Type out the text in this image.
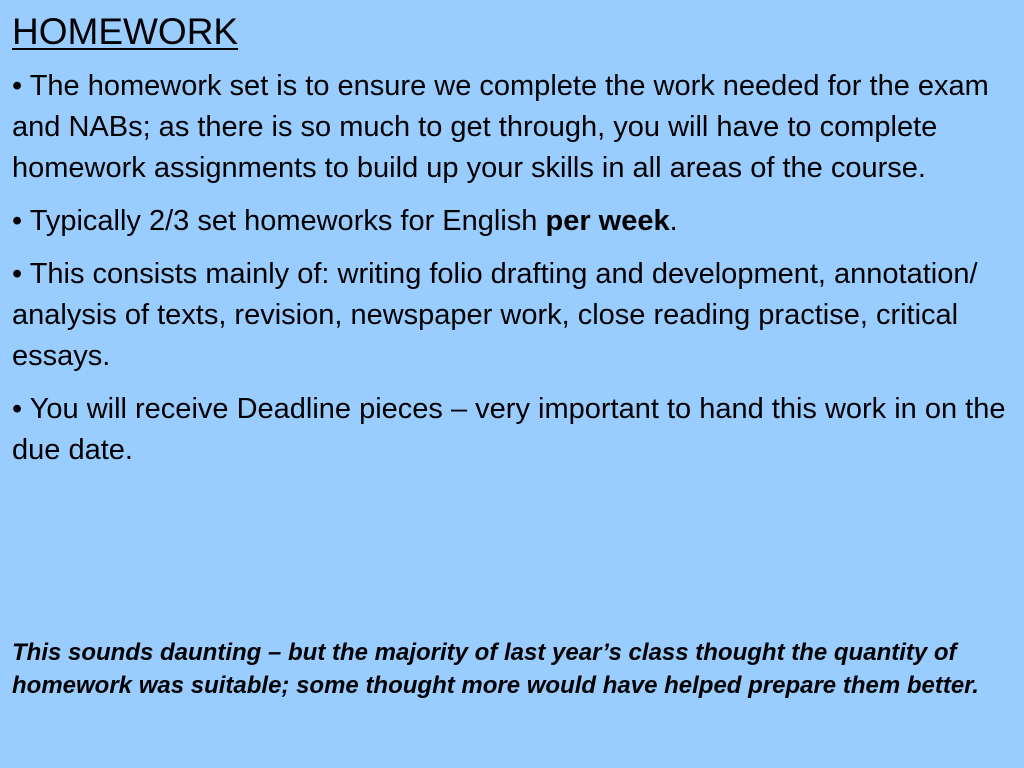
HOMEWORK

• The homework set is to ensure we complete the work needed for the exam and NABs; as there is so much to get through, you will have to complete homework assignments to build up your skills in all areas of the course.

• Typically 2/3 set homeworks for English per week.

• This consists mainly of: writing folio drafting and development, annotation/ analysis of texts, revision, newspaper work, close reading practise, critical essays.

• You will receive Deadline pieces – very important to hand this work in on the due date.

This sounds daunting – but the majority of last year’s class thought the quantity of homework was suitable; some thought more would have helped prepare them better.
